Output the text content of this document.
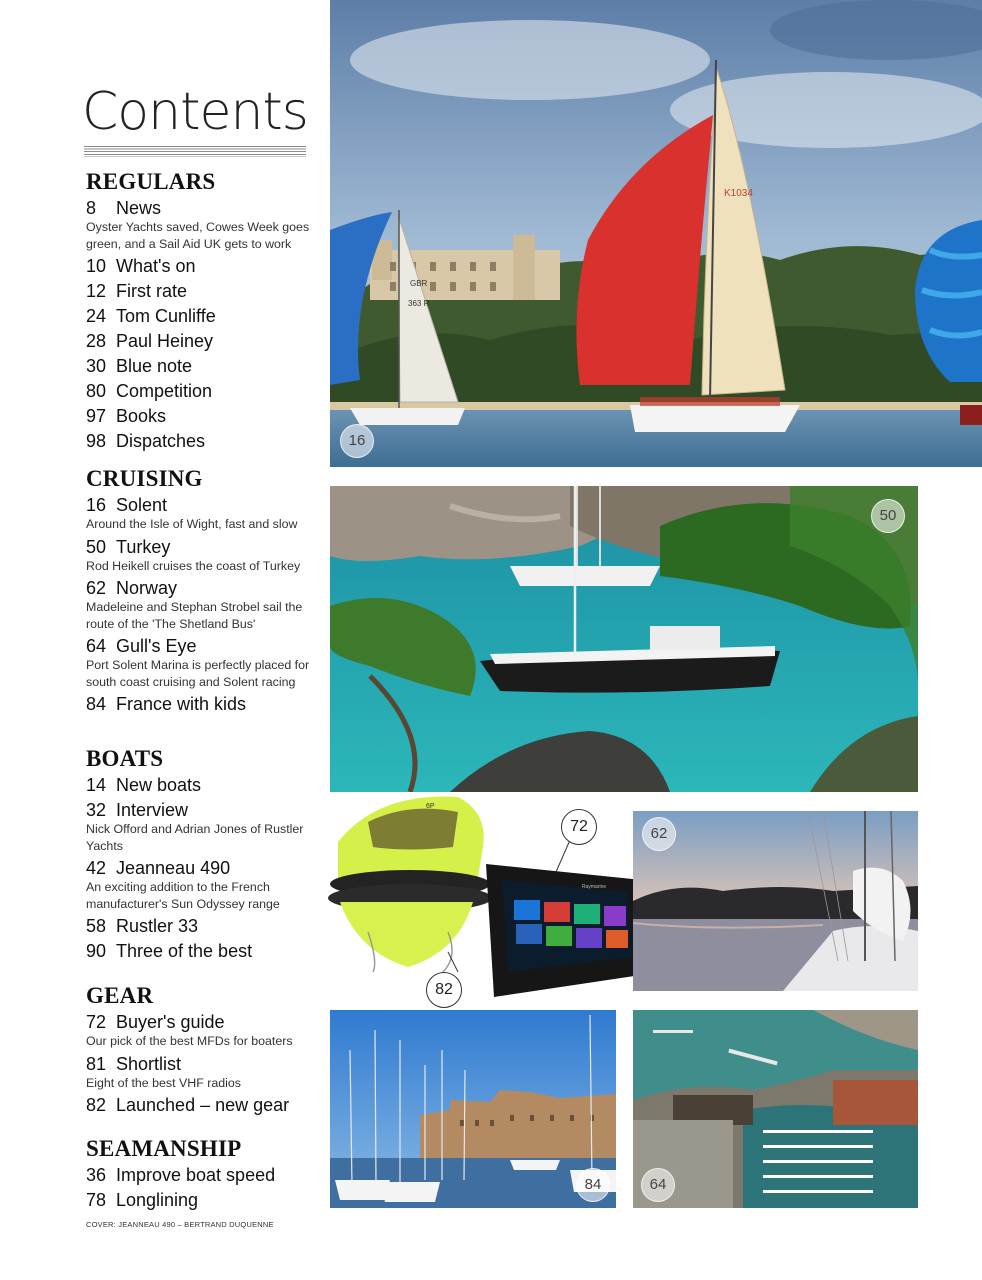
Contents
REGULARS
8 News
Oyster Yachts saved, Cowes Week goes green, and a Sail Aid UK gets to work
10 What's on
12 First rate
24 Tom Cunliffe
28 Paul Heiney
30 Blue note
80 Competition
97 Books
98 Dispatches
CRUISING
16 Solent
Around the Isle of Wight, fast and slow
50 Turkey
Rod Heikell cruises the coast of Turkey
62 Norway
Madeleine and Stephan Strobel sail the route of the 'The Shetland Bus'
64 Gull's Eye
Port Solent Marina is perfectly placed for south coast cruising and Solent racing
84 France with kids
BOATS
14 New boats
32 Interview
Nick Offord and Adrian Jones of Rustler Yachts
42 Jeanneau 490
An exciting addition to the French manufacturer's Sun Odyssey range
58 Rustler 33
90 Three of the best
GEAR
72 Buyer's guide
Our pick of the best MFDs for boaters
81 Shortlist
Eight of the best VHF radios
82 Launched – new gear
SEAMANSHIP
36 Improve boat speed
78 Longlining
COVER: JEANNEAU 490 – BERTRAND DUQUENNE
GBR
363 R
K1034
16
50
6P
Raymarine
72
82
62
84	64
